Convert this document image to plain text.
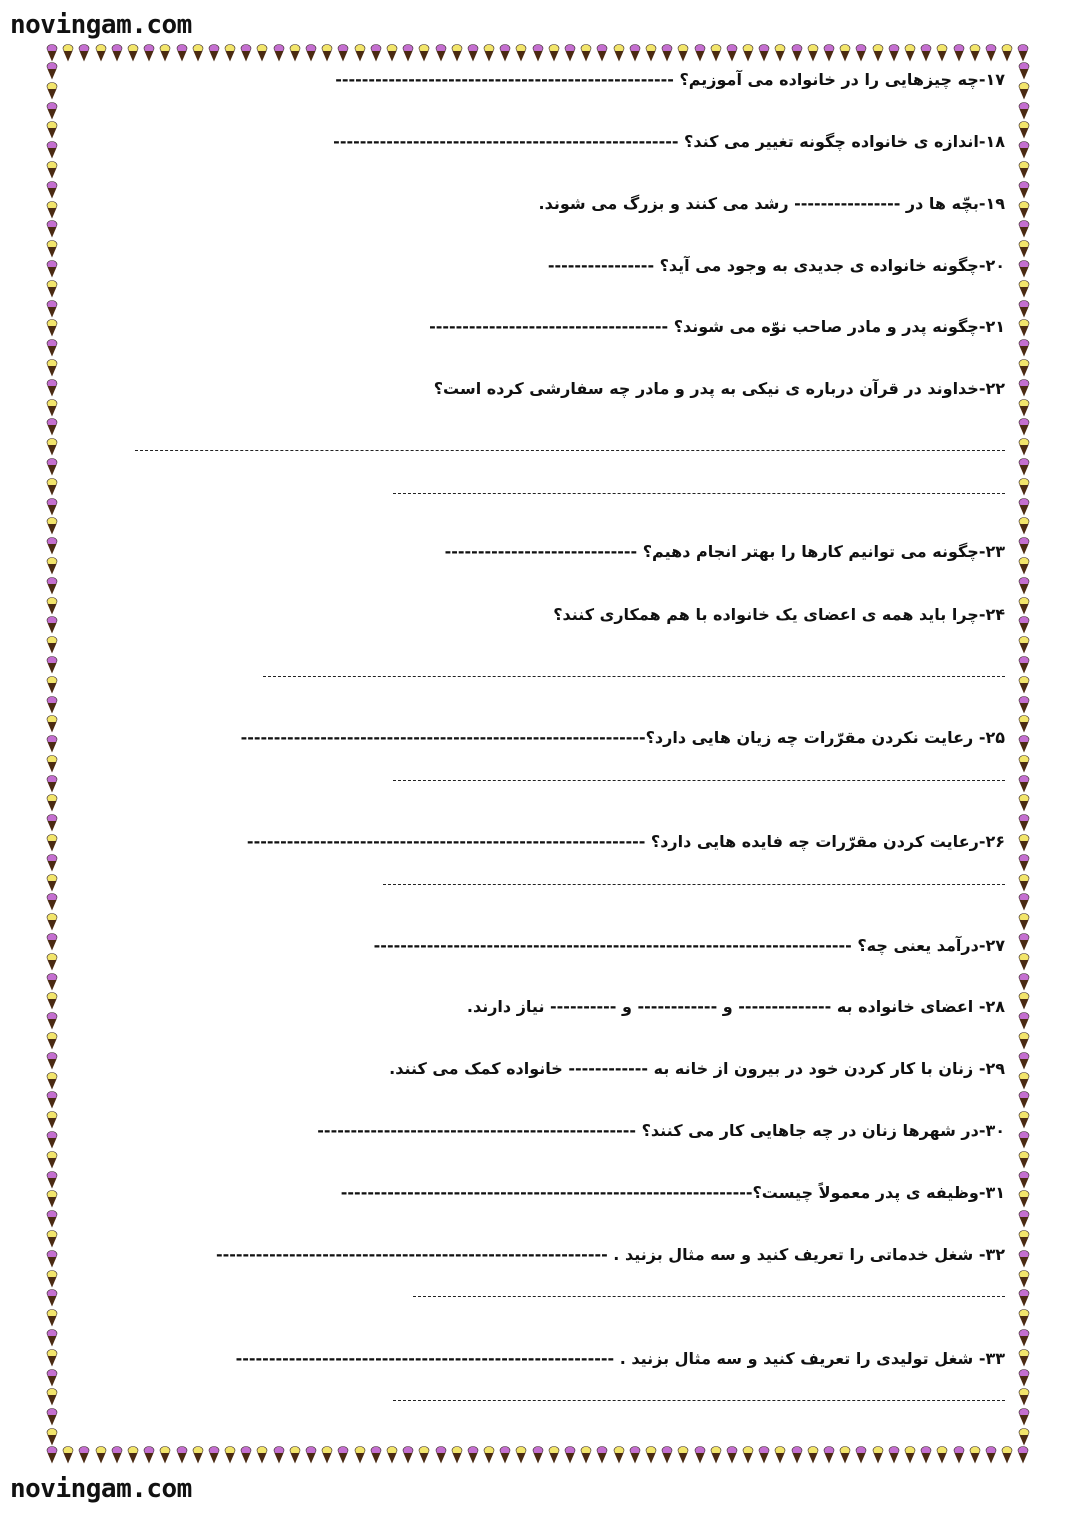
novingam.com
novingam.com
۱۷-چه چیزهایی را در خانواده می آموزیم؟ ---------------------------------------------------
۱۸-اندازه ی خانواده چگونه تغییر می کند؟ ----------------------------------------------------
۱۹-بچّه ها در ---------------- رشد می کنند و بزرگ می شوند.
۲۰-چگونه خانواده ی جدیدی به وجود می آید؟ ----------------
۲۱-چگونه پدر و مادر صاحب نوّه می شوند؟ ------------------------------------
۲۲-خداوند در قرآن درباره ی نیکی به پدر و مادر چه سفارشی کرده است؟
۲۳-چگونه می توانیم کارها را بهتر انجام دهیم؟ -----------------------------
۲۴-چرا باید همه ی اعضای یک خانواده با هم همکاری کنند؟
۲۵- رعایت نکردن مقرّرات چه زیان هایی دارد؟-------------------------------------------------------------
۲۶-رعایت کردن مقرّرات چه فایده هایی دارد؟ ------------------------------------------------------------
۲۷-درآمد یعنی چه؟ ------------------------------------------------------------------------
۲۸- اعضای خانواده به -------------- و ------------ و ---------- نیاز دارند.
۲۹- زنان با کار کردن خود در بیرون از خانه به ------------ خانواده کمک می کنند.
۳۰-در شهرها زنان در چه جاهایی کار می کنند؟ ------------------------------------------------
۳۱-وظیفه ی پدر معمولاً چیست؟--------------------------------------------------------------
۳۲- شغل خدماتی را تعریف کنید و سه مثال بزنید . -----------------------------------------------------------
۳۳- شغل تولیدی را تعریف کنید و سه مثال بزنید . ---------------------------------------------------------
